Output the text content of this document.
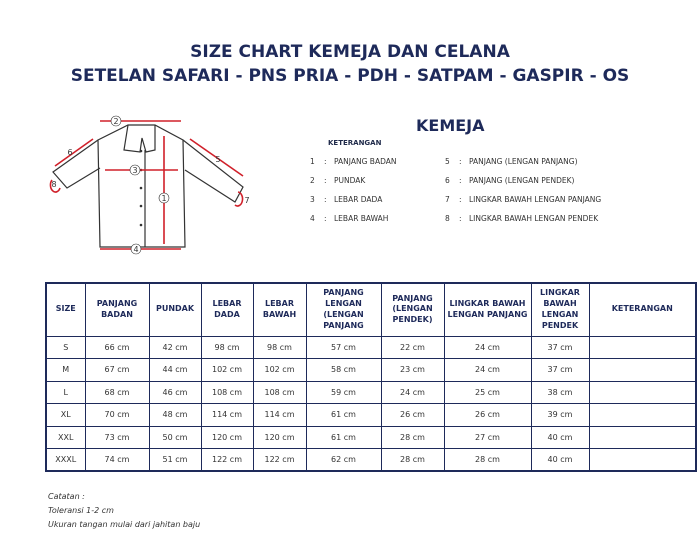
SIZE CHART KEMEJA DAN CELANA
SETELAN SAFARI - PNS PRIA - PDH - SATPAM - GASPIR - OS
KEMEJA
KETERANGAN
1 : PANJANG BADAN
2 : PUNDAK
3 : LEBAR DADA
4 : LEBAR BAWAH
5 : PANJANG (LENGAN PANJANG)
6 : PANJANG (LENGAN PENDEK)
7 : LINGKAR BAWAH LENGAN PANJANG
8 : LINGKAR BAWAH LENGAN PENDEK
2
3
1
4
5
6
7
8
SIZE	PANJANG BADAN	PUNDAK	LEBAR DADA	LEBAR BAWAH	PANJANG LENGAN (LENGAN PANJANG	PANJANG (LENGAN PENDEK)	LINGKAR BAWAH LENGAN PANJANG	LINGKAR BAWAH LENGAN PENDEK	KETERANGAN
S	66 cm	42 cm	98 cm	98 cm	57 cm	22 cm	24 cm	37 cm	
M	67 cm	44 cm	102 cm	102 cm	58 cm	23 cm	24 cm	37 cm	
L	68 cm	46 cm	108 cm	108 cm	59 cm	24 cm	25 cm	38 cm	
XL	70 cm	48 cm	114 cm	114 cm	61 cm	26 cm	26 cm	39 cm	
XXL	73 cm	50 cm	120 cm	120 cm	61 cm	28 cm	27 cm	40 cm	
XXXL	74 cm	51 cm	122 cm	122 cm	62 cm	28 cm	28 cm	40 cm	
Catatan :
Toleransi 1-2 cm
Ukuran tangan mulai dari jahitan baju
